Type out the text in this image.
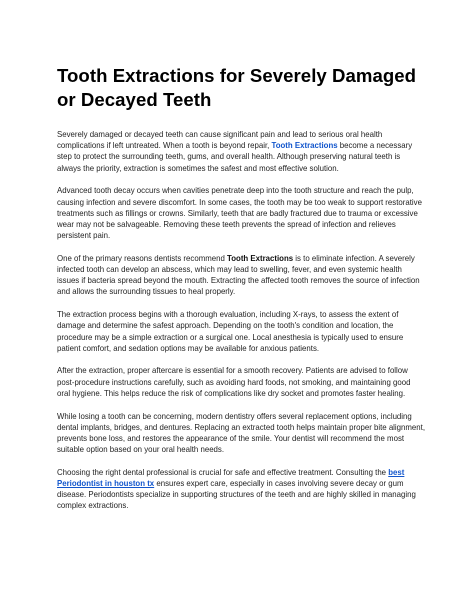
Tooth Extractions for Severely Damaged or Decayed Teeth

Severely damaged or decayed teeth can cause significant pain and lead to serious oral health complications if left untreated. When a tooth is beyond repair, Tooth Extractions become a necessary step to protect the surrounding teeth, gums, and overall health. Although preserving natural teeth is always the priority, extraction is sometimes the safest and most effective solution.

Advanced tooth decay occurs when cavities penetrate deep into the tooth structure and reach the pulp, causing infection and severe discomfort. In some cases, the tooth may be too weak to support restorative treatments such as fillings or crowns. Similarly, teeth that are badly fractured due to trauma or excessive wear may not be salvageable. Removing these teeth prevents the spread of infection and relieves persistent pain.

One of the primary reasons dentists recommend Tooth Extractions is to eliminate infection. A severely infected tooth can develop an abscess, which may lead to swelling, fever, and even systemic health issues if bacteria spread beyond the mouth. Extracting the affected tooth removes the source of infection and allows the surrounding tissues to heal properly.

The extraction process begins with a thorough evaluation, including X-rays, to assess the extent of damage and determine the safest approach. Depending on the tooth's condition and location, the procedure may be a simple extraction or a surgical one. Local anesthesia is typically used to ensure patient comfort, and sedation options may be available for anxious patients.

After the extraction, proper aftercare is essential for a smooth recovery. Patients are advised to follow post-procedure instructions carefully, such as avoiding hard foods, not smoking, and maintaining good oral hygiene. This helps reduce the risk of complications like dry socket and promotes faster healing.

While losing a tooth can be concerning, modern dentistry offers several replacement options, including dental implants, bridges, and dentures. Replacing an extracted tooth helps maintain proper bite alignment, prevents bone loss, and restores the appearance of the smile. Your dentist will recommend the most suitable option based on your oral health needs.

Choosing the right dental professional is crucial for safe and effective treatment. Consulting the best Periodontist in houston tx ensures expert care, especially in cases involving severe decay or gum disease. Periodontists specialize in supporting structures of the teeth and are highly skilled in managing complex extractions.
